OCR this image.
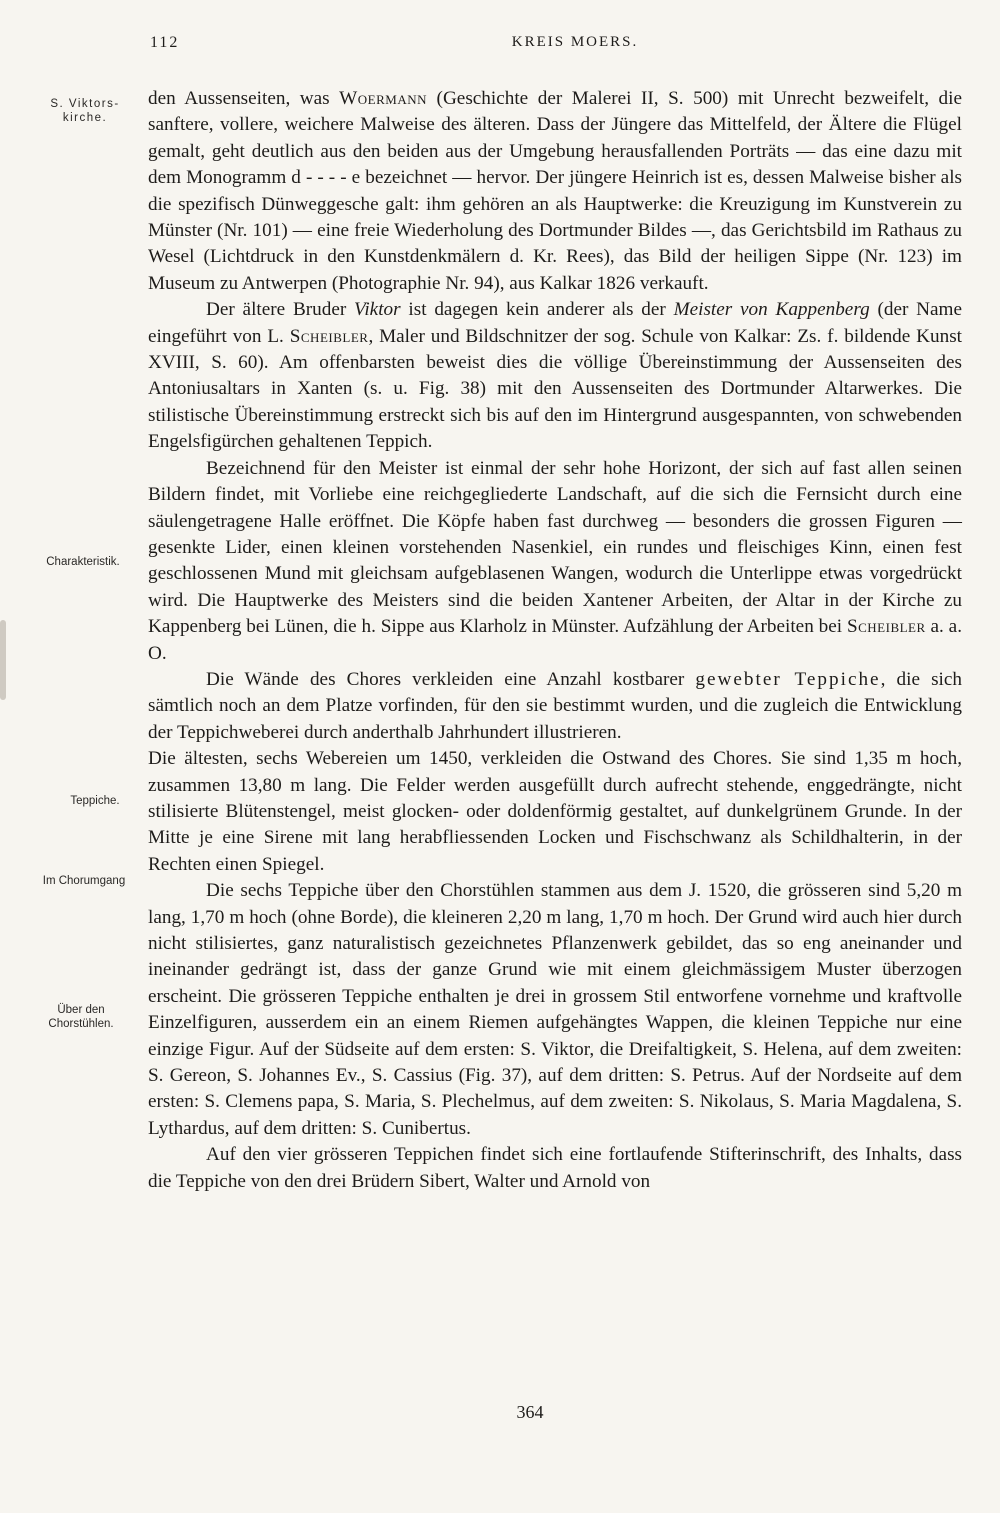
112	KREIS MOERS.
S. Viktors-
kirche.
Charakteristik.
Teppiche.
Im Chorumgang
Über den
Chorstühlen.

den Aussenseiten, was Woermann (Geschichte der Malerei II, S. 500) mit Unrecht bezweifelt, die sanftere, vollere, weichere Malweise des älteren. Dass der Jüngere das Mittelfeld, der Ältere die Flügel gemalt, geht deutlich aus den beiden aus der Umgebung herausfallenden Porträts — das eine dazu mit dem Monogramm d - - - - e bezeichnet — hervor. Der jüngere Heinrich ist es, dessen Malweise bisher als die spezifisch Dünweggesche galt: ihm gehören an als Hauptwerke: die Kreuzigung im Kunstverein zu Münster (Nr. 101) — eine freie Wiederholung des Dortmunder Bildes —, das Gerichtsbild im Rathaus zu Wesel (Lichtdruck in den Kunstdenkmälern d. Kr. Rees), das Bild der heiligen Sippe (Nr. 123) im Museum zu Antwerpen (Photographie Nr. 94), aus Kalkar 1826 verkauft.

Der ältere Bruder Viktor ist dagegen kein anderer als der Meister von Kappenberg (der Name eingeführt von L. Scheibler, Maler und Bildschnitzer der sog. Schule von Kalkar: Zs. f. bildende Kunst XVIII, S. 60). Am offenbarsten beweist dies die völlige Übereinstimmung der Aussenseiten des Antoniusaltars in Xanten (s. u. Fig. 38) mit den Aussenseiten des Dortmunder Altarwerkes. Die stilistische Übereinstimmung erstreckt sich bis auf den im Hintergrund ausgespannten, von schwebenden Engelsfigürchen gehaltenen Teppich.

Bezeichnend für den Meister ist einmal der sehr hohe Horizont, der sich auf fast allen seinen Bildern findet, mit Vorliebe eine reichgegliederte Landschaft, auf die sich die Fernsicht durch eine säulengetragene Halle eröffnet. Die Köpfe haben fast durchweg — besonders die grossen Figuren — gesenkte Lider, einen kleinen vorstehenden Nasenkiel, ein rundes und fleischiges Kinn, einen fest geschlossenen Mund mit gleichsam aufgeblasenen Wangen, wodurch die Unterlippe etwas vorgedrückt wird. Die Hauptwerke des Meisters sind die beiden Xantener Arbeiten, der Altar in der Kirche zu Kappenberg bei Lünen, die h. Sippe aus Klarholz in Münster. Aufzählung der Arbeiten bei Scheibler a. a. O.

Die Wände des Chores verkleiden eine Anzahl kostbarer gewebter Teppiche, die sich sämtlich noch an dem Platze vorfinden, für den sie bestimmt wurden, und die zugleich die Entwicklung der Teppichweberei durch anderthalb Jahrhundert illustrieren.

Die ältesten, sechs Webereien um 1450, verkleiden die Ostwand des Chores. Sie sind 1,35 m hoch, zusammen 13,80 m lang. Die Felder werden ausgefüllt durch aufrecht stehende, enggedrängte, nicht stilisierte Blütenstengel, meist glocken- oder doldenförmig gestaltet, auf dunkelgrünem Grunde. In der Mitte je eine Sirene mit lang herabfliessenden Locken und Fischschwanz als Schildhalterin, in der Rechten einen Spiegel.

Die sechs Teppiche über den Chorstühlen stammen aus dem J. 1520, die grösseren sind 5,20 m lang, 1,70 m hoch (ohne Borde), die kleineren 2,20 m lang, 1,70 m hoch. Der Grund wird auch hier durch nicht stilisiertes, ganz naturalistisch gezeichnetes Pflanzenwerk gebildet, das so eng aneinander und ineinander gedrängt ist, dass der ganze Grund wie mit einem gleichmässigem Muster überzogen erscheint. Die grösseren Teppiche enthalten je drei in grossem Stil entworfene vornehme und kraftvolle Einzelfiguren, ausserdem ein an einem Riemen aufgehängtes Wappen, die kleinen Teppiche nur eine einzige Figur. Auf der Südseite auf dem ersten: S. Viktor, die Dreifaltigkeit, S. Helena, auf dem zweiten: S. Gereon, S. Johannes Ev., S. Cassius (Fig. 37), auf dem dritten: S. Petrus. Auf der Nordseite auf dem ersten: S. Clemens papa, S. Maria, S. Plechelmus, auf dem zweiten: S. Nikolaus, S. Maria Magdalena, S. Lythardus, auf dem dritten: S. Cunibertus.

Auf den vier grösseren Teppichen findet sich eine fortlaufende Stifterinschrift, des Inhalts, dass die Teppiche von den drei Brüdern Sibert, Walter und Arnold von

364
